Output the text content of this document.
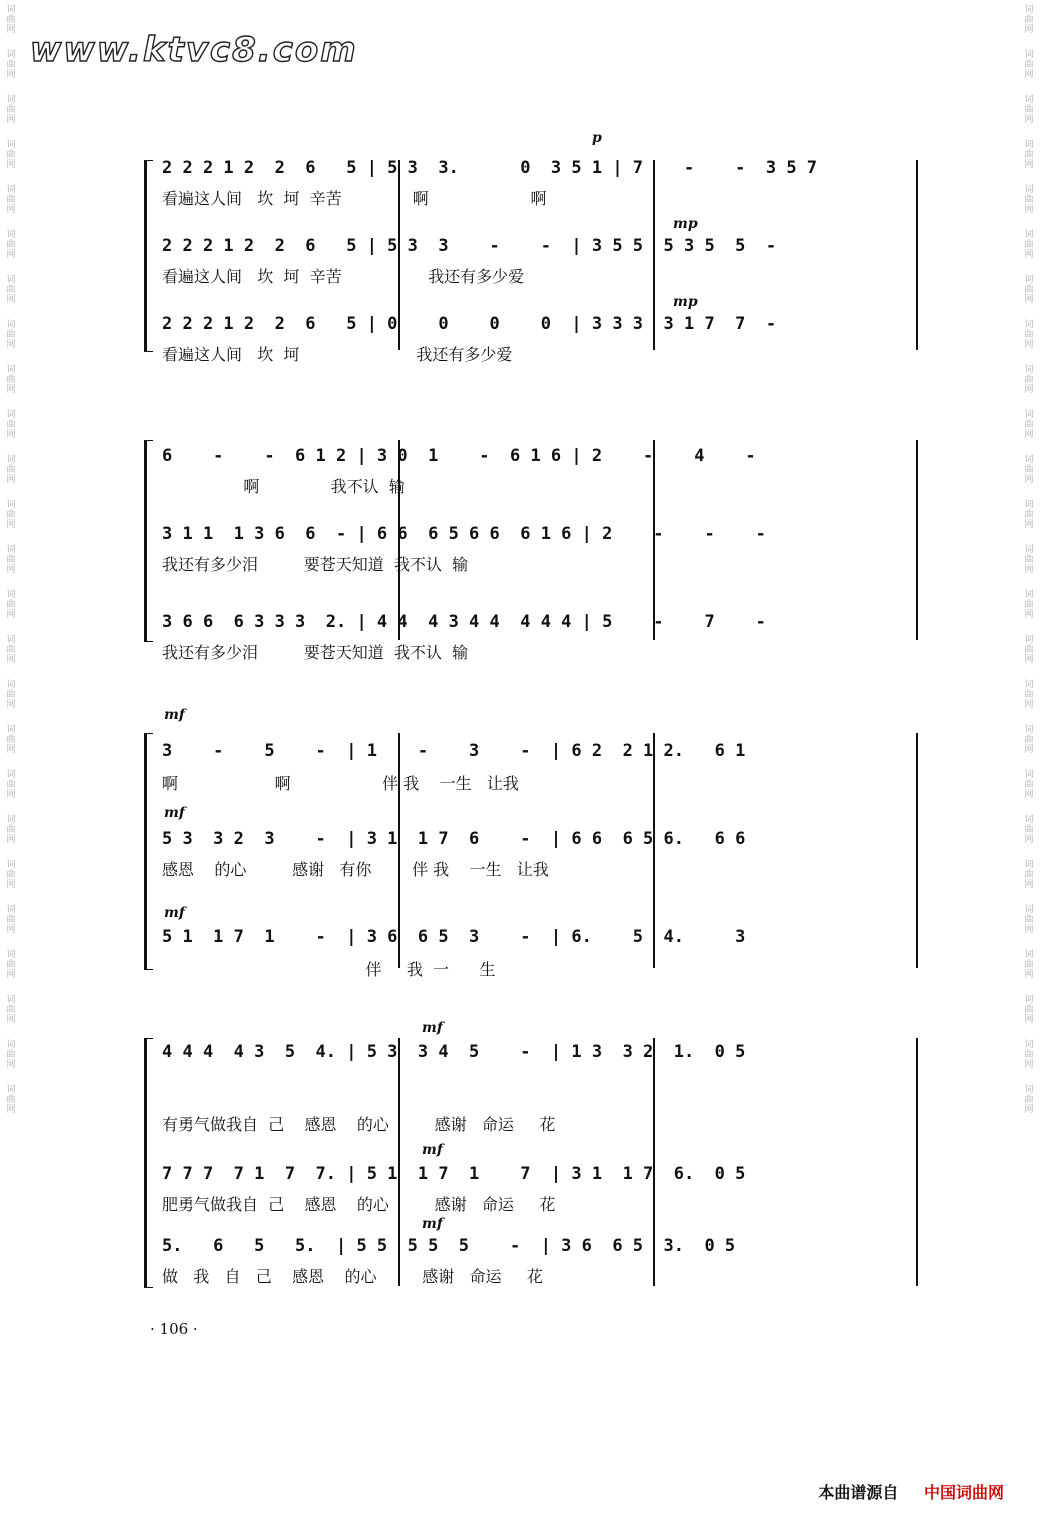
www.ktvc8.com
词
曲
网
词
曲
网
词
曲
网
词
曲
网
词
曲
网
词
曲
网
词
曲
网
词
曲
网
词
曲
网
词
曲
网
词
曲
网
词
曲
网
词
曲
网
词
曲
网
词
曲
网
词
曲
网
词
曲
网
词
曲
网
词
曲
网
词
曲
网
词
曲
网
词
曲
网
词
曲
网
词
曲
网
词
曲
网
词
曲
网
词
曲
网
词
曲
网
词
曲
网
词
曲
网
词
曲
网
词
曲
网
词
曲
网
词
曲
网
词
曲
网
词
曲
网
词
曲
网
词
曲
网
词
曲
网
词
曲
网
词
曲
网
词
曲
网
词
曲
网
词
曲
网
词
曲
网
词
曲
网
词
曲
网
词
曲
网
词
曲
网
词
曲
网
p
mp
mp
2 2 2 1 2  2  6   5 | 5 3  3.      0  3 5 1 | 7    -    -  3 5 7
看遍这人间   坎  坷  辛苦              啊                    啊
2 2 2 1 2  2  6   5 | 5 3  3    -    -  | 3 5 5  5 3 5  5  -
看遍这人间   坎  坷  辛苦                 我还有多少爱
2 2 2 1 2  2  6   5 | 0    0    0    0  | 3 3 3  3 1 7  7  -
看遍这人间   坎  坷                       我还有多少爱
6    -    -  6 1 2 | 3 0  1    -  6 1 6 | 2    -    4    -
啊              我不认  输
3 1 1  1 3 6  6  - | 6 6  6 5 6 6  6 1 6 | 2    -    -    -
我还有多少泪         要苍天知道  我不认  输
3 6 6  6 3 3 3  2. | 4 4  4 3 4 4  4 4 4 | 5    -    7    -
我还有多少泪         要苍天知道  我不认  输
mf
mf
mf
3    -    5    -  | 1    -    3    -  | 6 2  2 1 2.   6 1
啊                   啊                  伴 我    一生   让我
5 3  3 2  3    -  | 3 1  1 7  6    -  | 6 6  6 5 6.   6 6
感恩    的心         感谢   有你        伴 我    一生   让我
5 1  1 7  1    -  | 3 6  6 5  3    -  | 6.    5  4.     3
伴     我  一      生
mf
mf
mf
4 4 4  4 3  5  4. | 5 3  3 4  5    -  | 1 3  3 2  1.  0 5
有勇气做我自  己    感恩    的心         感谢   命运     花
7 7 7  7 1  7  7. | 5 1  1 7  1    7  | 3 1  1 7  6.  0 5
肥勇气做我自  己    感恩    的心         感谢   命运     花
5.   6   5   5.  | 5 5  5 5  5    -  | 3 6  6 5  3.  0 5
做   我   自   己    感恩    的心         感谢   命运     花
· 106 ·
本曲谱源自 中国词曲网
